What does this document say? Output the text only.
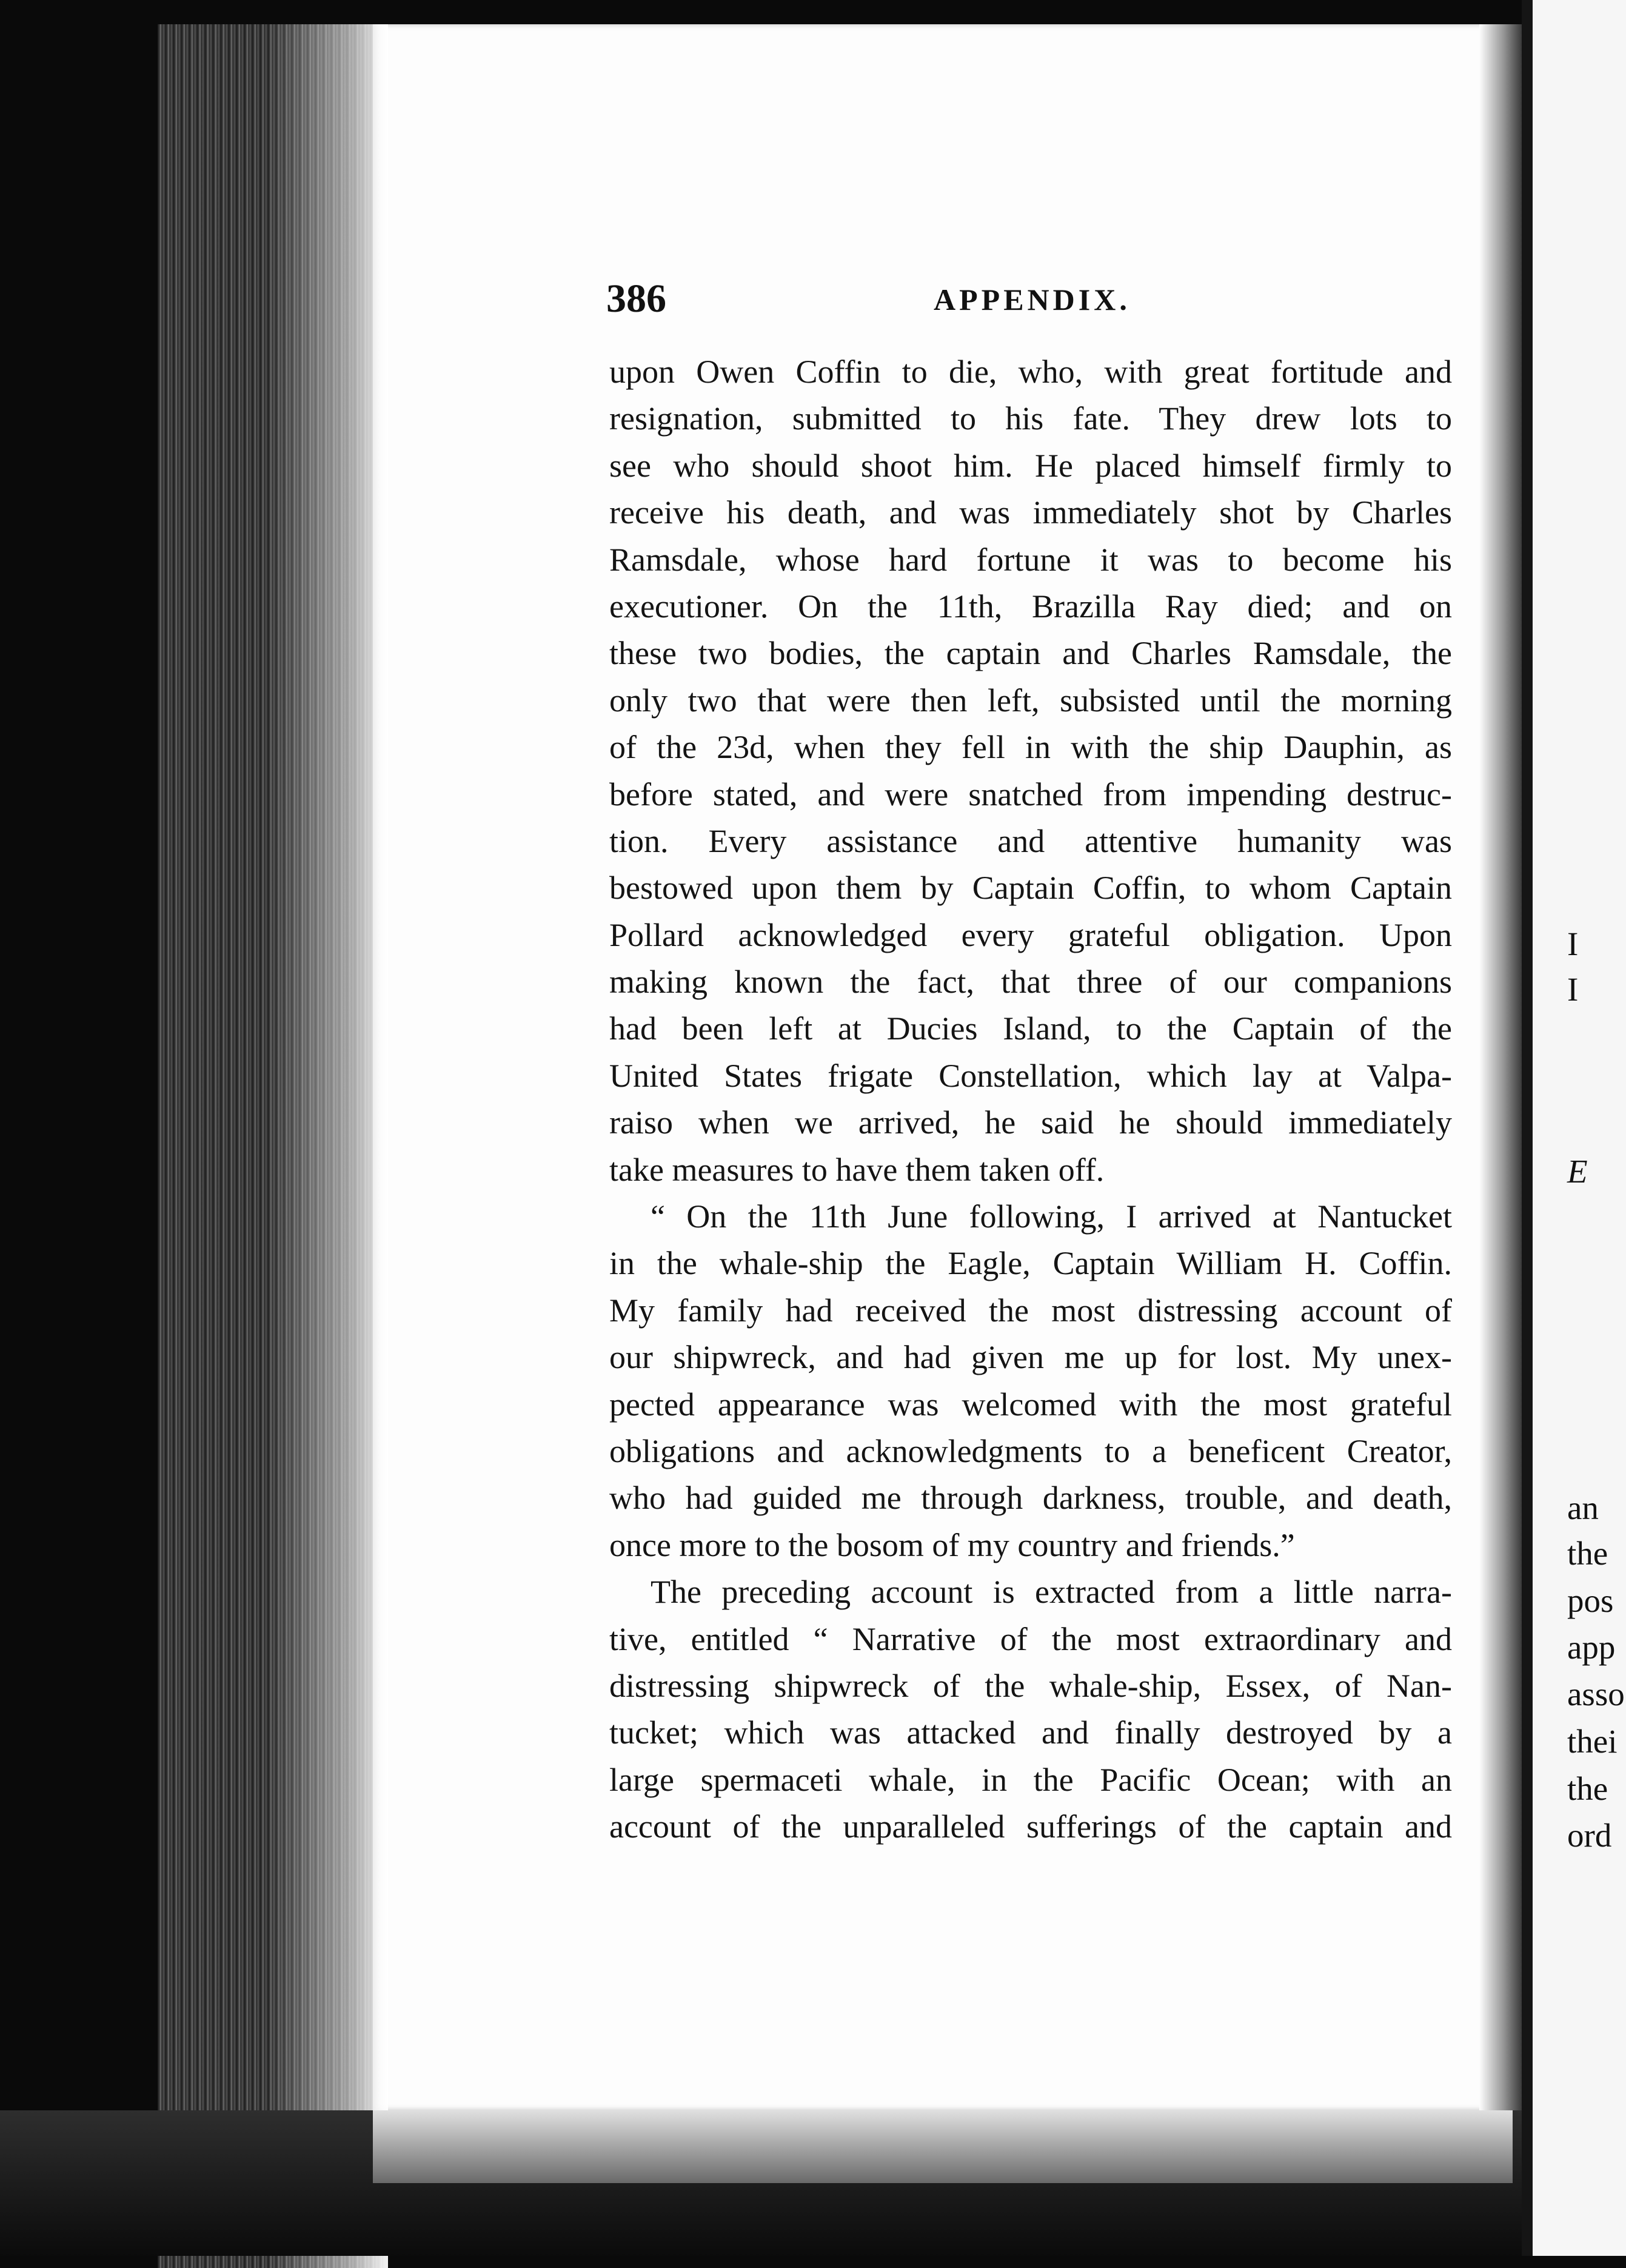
I
I
E
an
the
pos
app
asso
thei
the
ord
386	APPENDIX.
upon Owen Coffin to die, who, with great fortitude and
resignation, submitted to his fate. They drew lots to
see who should shoot him. He placed himself firmly to
receive his death, and was immediately shot by Charles
Ramsdale, whose hard fortune it was to become his
executioner. On the 11th, Brazilla Ray died; and on
these two bodies, the captain and Charles Ramsdale, the
only two that were then left, subsisted until the morning
of the 23d, when they fell in with the ship Dauphin, as
before stated, and were snatched from impending destruc-
tion. Every assistance and attentive humanity was
bestowed upon them by Captain Coffin, to whom Captain
Pollard acknowledged every grateful obligation. Upon
making known the fact, that three of our companions
had been left at Ducies Island, to the Captain of the
United States frigate Constellation, which lay at Valpa-
raiso when we arrived, he said he should immediately
take measures to have them taken off.
“ On the 11th June following, I arrived at Nantucket
in the whale-ship the Eagle, Captain William H. Coffin.
My family had received the most distressing account of
our shipwreck, and had given me up for lost. My unex-
pected appearance was welcomed with the most grateful
obligations and acknowledgments to a beneficent Creator,
who had guided me through darkness, trouble, and death,
once more to the bosom of my country and friends.”
The preceding account is extracted from a little narra-
tive, entitled “ Narrative of the most extraordinary and
distressing shipwreck of the whale-ship, Essex, of Nan-
tucket; which was attacked and finally destroyed by a
large spermaceti whale, in the Pacific Ocean; with an
account of the unparalleled sufferings of the captain and
